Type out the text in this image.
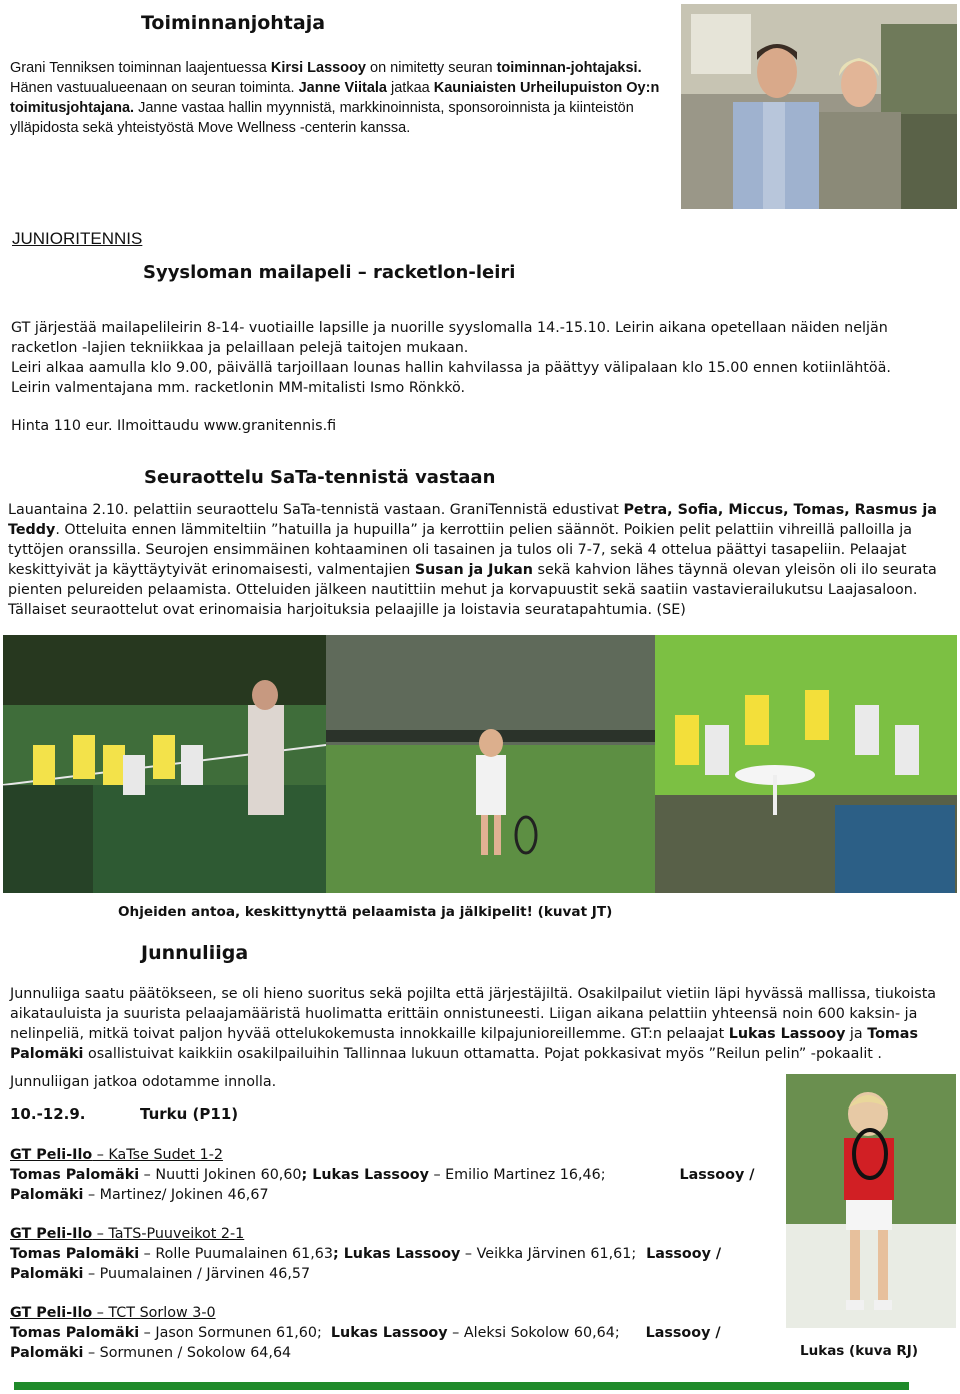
Toiminnanjohtaja
Grani Tenniksen toiminnan laajentuessa Kirsi Lassooy on nimitetty seuran toiminnan-johtajaksi. Hänen vastuualueenaan on seuran toiminta. Janne Viitala jatkaa Kauniaisten Urheilupuiston Oy:n toimitusjohtajana. Janne vastaa hallin myynnistä, markkinoinnista, sponsoroinnista ja kiinteistön ylläpidosta sekä yhteistyöstä Move Wellness -centerin kanssa.
JUNIORITENNIS
Syysloman mailapeli – racketlon-leiri
GT järjestää mailapelileirin 8-14- vuotiaille lapsille ja nuorille syyslomalla 14.-15.10. Leirin aikana opetellaan näiden neljän
racketlon -lajien tekniikkaa ja pelaillaan pelejä taitojen mukaan.
Leiri alkaa aamulla klo 9.00, päivällä tarjoillaan lounas hallin kahvilassa ja päättyy välipalaan klo 15.00 ennen kotiinlähtöä.
Leirin valmentajana mm. racketlonin MM-mitalisti Ismo Rönkkö.
Hinta 110 eur. Ilmoittaudu www.granitennis.fi
Seuraottelu SaTa-tennistä vastaan
Lauantaina 2.10. pelattiin seuraottelu SaTa-tennistä vastaan. GraniTennistä edustivat Petra, Sofia, Miccus, Tomas, Rasmus ja Teddy. Otteluita ennen lämmiteltiin ”hatuilla ja hupuilla” ja kerrottiin pelien säännöt. Poikien pelit pelattiin vihreillä palloilla ja tyttöjen oranssilla. Seurojen ensimmäinen kohtaaminen oli tasainen ja tulos oli 7-7, sekä 4 ottelua päättyi tasapeliin. Pelaajat keskittyivät ja käyttäytyivät erinomaisesti, valmentajien Susan ja Jukan sekä kahvion lähes täynnä olevan yleisön oli ilo seurata pienten pelureiden pelaamista. Otteluiden jälkeen nautittiin mehut ja korvapuustit sekä saatiin vastavierailukutsu Laajasaloon. Tällaiset seuraottelut ovat erinomaisia harjoituksia pelaajille ja loistavia seuratapahtumia. (SE)
Ohjeiden antoa, keskittynyttä pelaamista ja jälkipelit! (kuvat JT)
Junnuliiga
Junnuliiga saatu päätökseen, se oli hieno suoritus sekä pojilta että järjestäjiltä. Osakilpailut vietiin läpi hyvässä mallissa, tiukoista aikatauluista ja suurista pelaajamääristä huolimatta erittäin onnistuneesti. Liigan aikana pelattiin yhteensä noin 600 kaksin- ja nelinpeliä, mitkä toivat paljon hyvää ottelukokemusta innokkaille kilpajunioreillemme. GT:n pelaajat Lukas Lassooy ja Tomas Palomäki osallistuivat kaikkiin osakilpailuihin Tallinnaa lukuun ottamatta. Pojat pokkasivat myös ”Reilun pelin” -pokaalit .
Junnuliigan jatkoa odotamme innolla.
10.-12.9.	Turku (P11)
GT Peli-Ilo – KaTse Sudet 1-2
Tomas Palomäki – Nuutti Jokinen 60,60; Lukas Lassooy – Emilio Martinez 16,46;	Lassooy /
Palomäki – Martinez/ Jokinen 46,67
GT Peli-Ilo – TaTS-Puuveikot 2-1
Tomas Palomäki – Rolle Puumalainen 61,63; Lukas Lassooy – Veikka Järvinen 61,61; Lassooy /
Palomäki – Puumalainen / Järvinen 46,57
GT Peli-Ilo – TCT Sorlow 3-0
Tomas Palomäki – Jason Sormunen 61,60; Lukas Lassooy – Aleksi Sokolow 60,64; Lassooy /
Palomäki – Sormunen / Sokolow 64,64	Lukas (kuva RJ)
